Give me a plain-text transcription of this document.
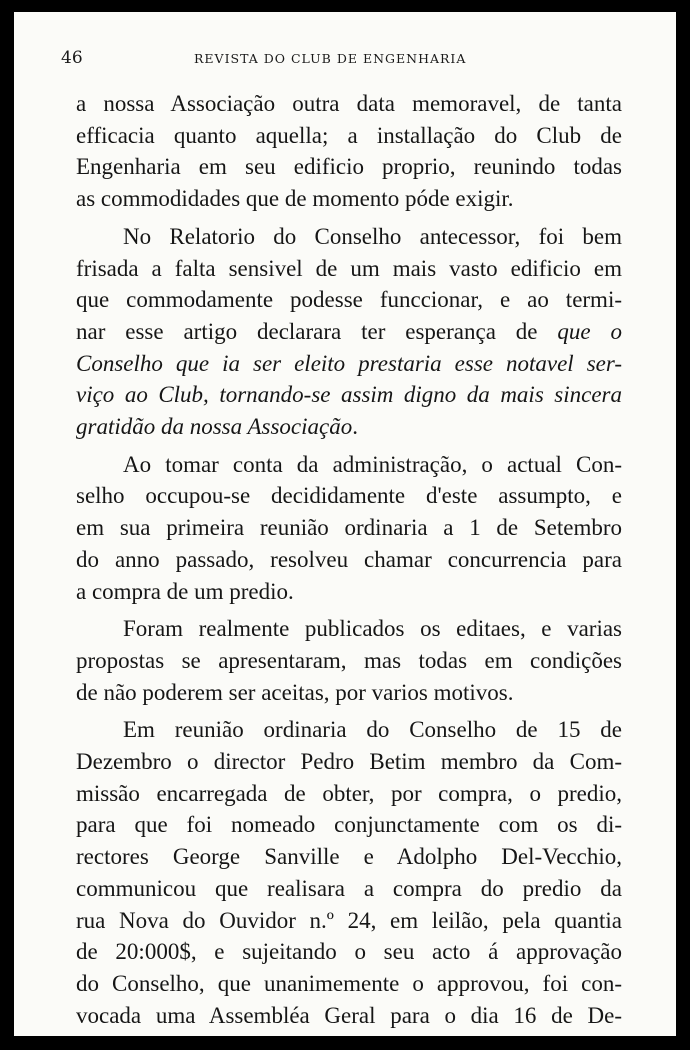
46	REVISTA DO CLUB DE ENGENHARIA
a nossa Associação outra data memoravel, de tanta
efficacia quanto aquella; a installação do Club de
Engenharia em seu edificio proprio, reunindo todas
as commodidades que de momento póde exigir.
No Relatorio do Conselho antecessor, foi bem
frisada a falta sensivel de um mais vasto edificio em
que commodamente podesse funccionar, e ao termi-
nar esse artigo declarara ter esperança de que o
Conselho que ia ser eleito prestaria esse notavel ser-
viço ao Club, tornando-se assim digno da mais sincera
gratidão da nossa Associação.
Ao tomar conta da administração, o actual Con-
selho occupou-se decididamente d'este assumpto, e
em sua primeira reunião ordinaria a 1 de Setembro
do anno passado, resolveu chamar concurrencia para
a compra de um predio.
Foram realmente publicados os editaes, e varias
propostas se apresentaram, mas todas em condições
de não poderem ser aceitas, por varios motivos.
Em reunião ordinaria do Conselho de 15 de
Dezembro o director Pedro Betim membro da Com-
missão encarregada de obter, por compra, o predio,
para que foi nomeado conjunctamente com os di-
rectores George Sanville e Adolpho Del-Vecchio,
communicou que realisara a compra do predio da
rua Nova do Ouvidor n.º 24, em leilão, pela quantia
de 20:000$, e sujeitando o seu acto á approvação
do Conselho, que unanimemente o approvou, foi con-
vocada uma Assembléa Geral para o dia 16 de De-
